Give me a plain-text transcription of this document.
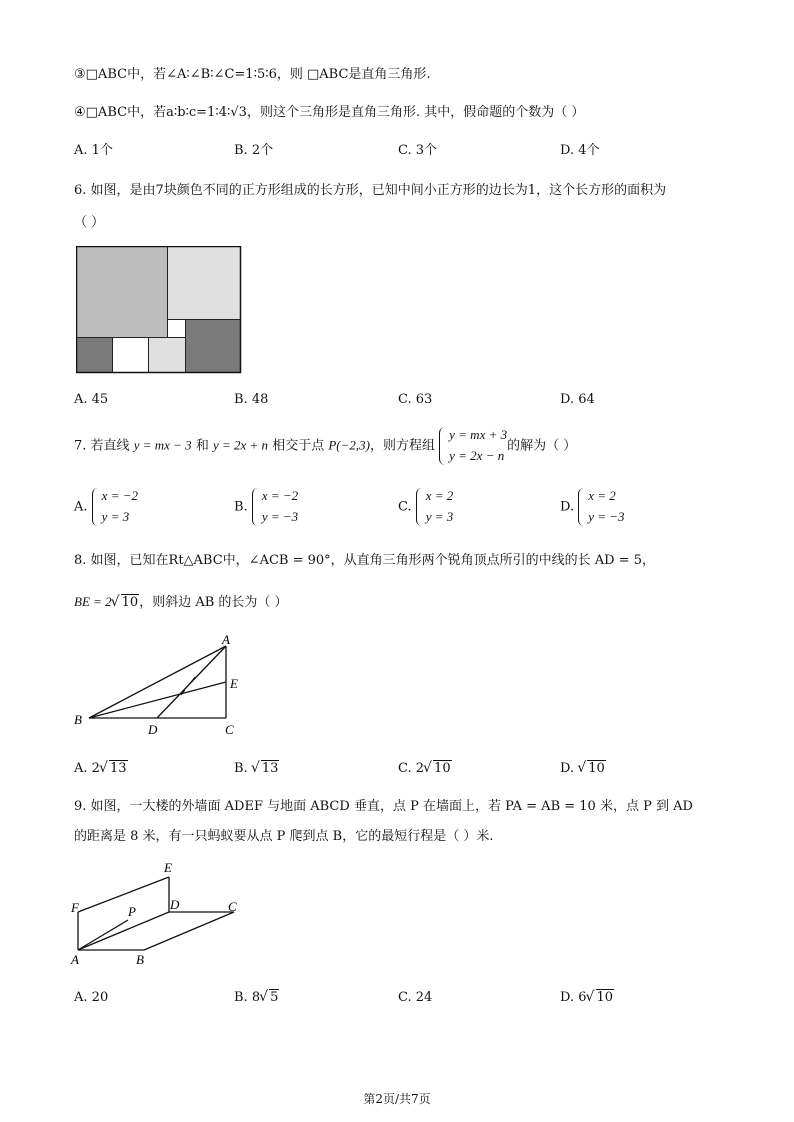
③□ABC中，若∠A∶∠B∶∠C=1∶5∶6，则 □ABC是直角三角形.
④□ABC中，若a∶b∶c=1∶4∶√3，则这个三角形是直角三角形. 其中，假命题的个数为（ ）
A. 1个	B. 2个	C. 3个	D. 4个
6. 如图，是由7块颜色不同的正方形组成的长方形，已知中间小正方形的边长为1，这个长方形的面积为
（ ）
A. 45	B. 48	C. 63	D. 64
7. 若直线 y = mx − 3 和 y = 2x + n 相交于点 P(−2,3)，则方程组
y = mx + 3
y = 2x − n
的解为（ ）
A.
x = −2
y = 3
B.
x = −2
y = −3
C.
x = 2
y = 3
D.
x = 2
y = −3
8. 如图，已知在Rt△ABC中，∠ACB = 90°，从直角三角形两个锐角顶点所引的中线的长 AD = 5，
BE = 2 √ 10，则斜边 AB 的长为（ ）
A
E
B
D	C
A. 2 √ 13	B. √ 13	C. 2 √ 10	D. √ 10
9. 如图，一大楼的外墙面 ADEF 与地面 ABCD 垂直，点 P 在墙面上，若 PA = AB = 10 米，点 P 到 AD
的距离是 8 米，有一只蚂蚁要从点 P 爬到点 B，它的最短行程是（ ）米.
E
F	P	D	C
A	B
A. 20	B. 8 √ 5	C. 24	D. 6 √ 10
第2页/共7页
